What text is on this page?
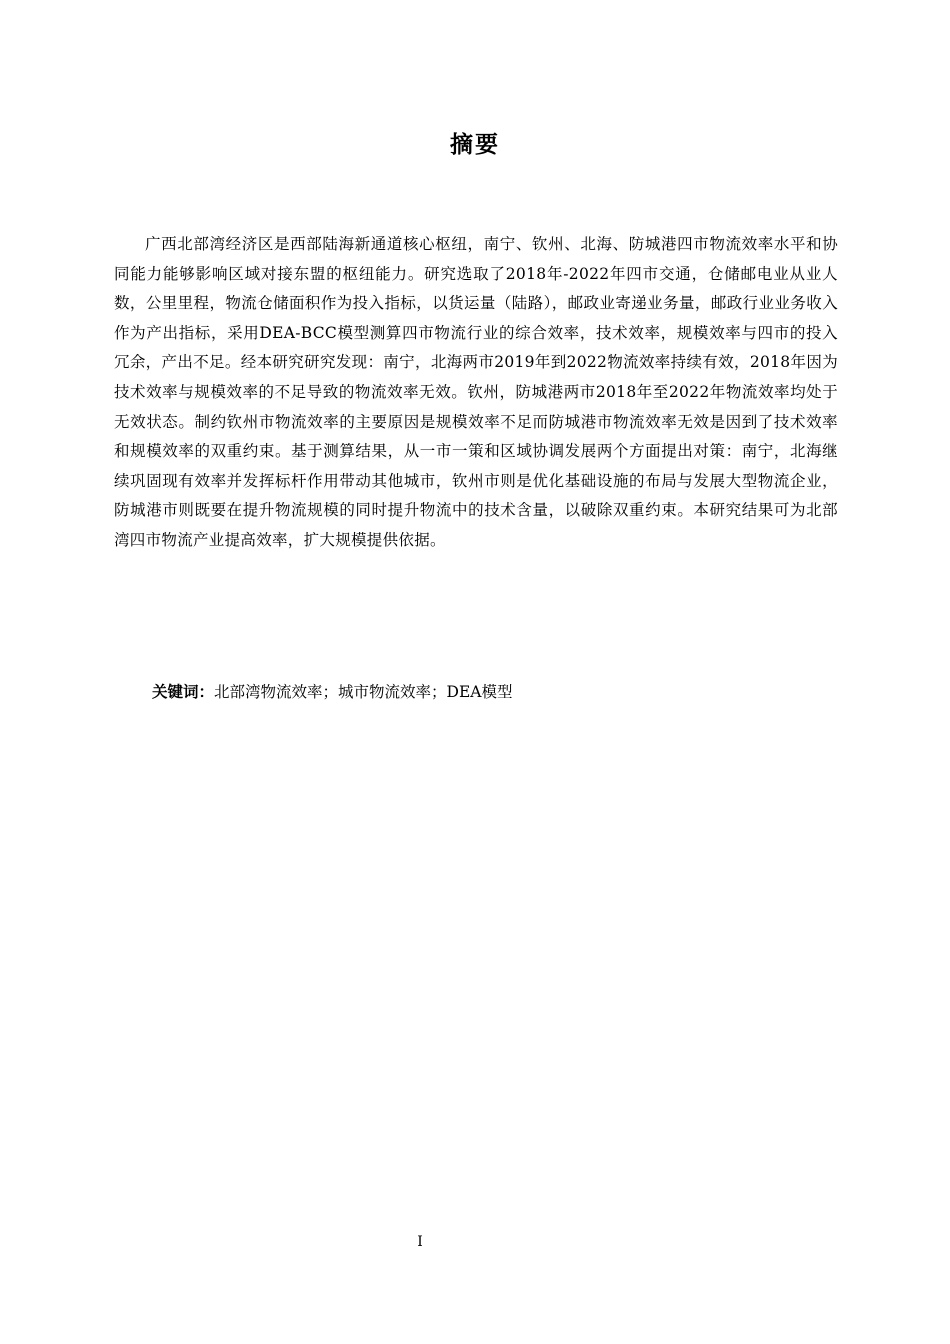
摘要

广西北部湾经济区是西部陆海新通道核心枢纽，南宁、钦州、北海、防城港四市物流效率水平和协同能力能够影响区域对接东盟的枢纽能力。研究选取了2018年-2022年四市交通，仓储邮电业从业人数，公里里程，物流仓储面积作为投入指标，以货运量（陆路），邮政业寄递业务量，邮政行业业务收入作为产出指标，采用DEA-BCC模型测算四市物流行业的综合效率，技术效率，规模效率与四市的投入冗余，产出不足。经本研究研究发现：南宁，北海两市2019年到2022物流效率持续有效，2018年因为技术效率与规模效率的不足导致的物流效率无效。钦州，防城港两市2018年至2022年物流效率均处于无效状态。制约钦州市物流效率的主要原因是规模效率不足而防城港市物流效率无效是因到了技术效率和规模效率的双重约束。基于测算结果，从一市一策和区域协调发展两个方面提出对策：南宁，北海继续巩固现有效率并发挥标杆作用带动其他城市，钦州市则是优化基础设施的布局与发展大型物流企业，防城港市则既要在提升物流规模的同时提升物流中的技术含量，以破除双重约束。本研究结果可为北部湾四市物流产业提高效率，扩大规模提供依据。

关键词：北部湾物流效率；城市物流效率；DEA模型
I
